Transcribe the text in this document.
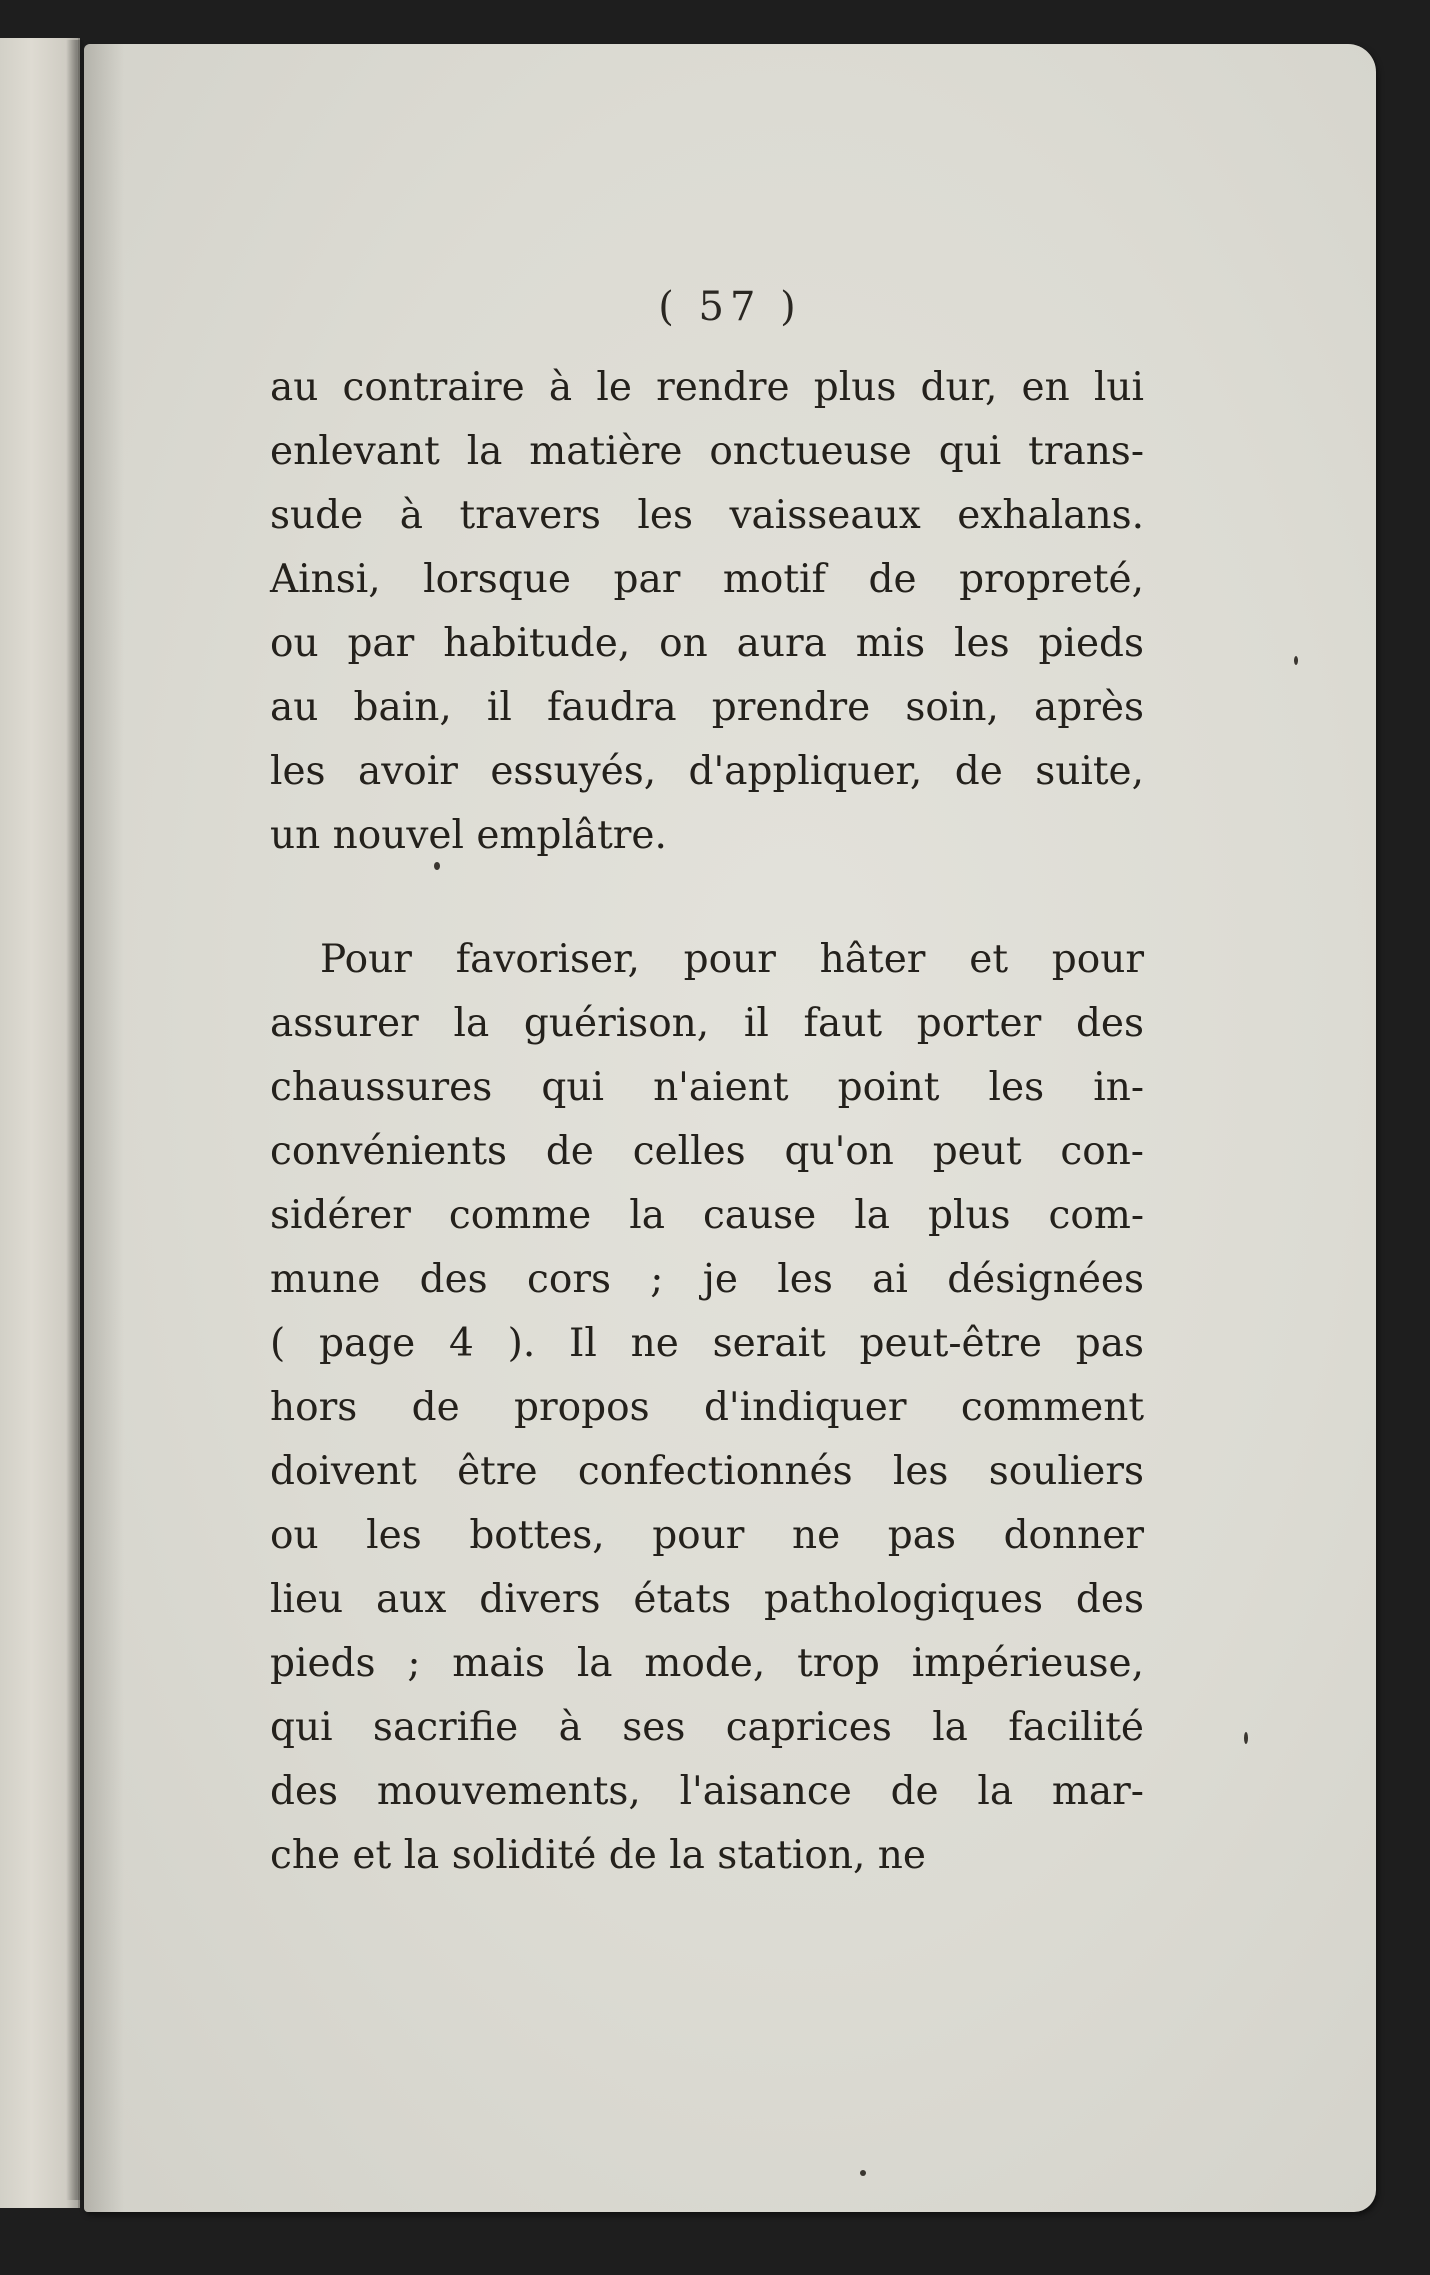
( 57 )
au contraire à le rendre plus dur, en lui
enlevant la matière onctueuse qui trans-
sude à travers les vaisseaux exhalans.
Ainsi, lorsque par motif de propreté,
ou par habitude, on aura mis les pieds
au bain, il faudra prendre soin, après
les avoir essuyés, d'appliquer, de suite,
un nouvel emplâtre.
Pour favoriser, pour hâter et pour
assurer la guérison, il faut porter des
chaussures qui n'aient point les in-
convénients de celles qu'on peut con-
sidérer comme la cause la plus com-
mune des cors ; je les ai désignées
( page 4 ). Il ne serait peut-être pas
hors de propos d'indiquer comment
doivent être confectionnés les souliers
ou les bottes, pour ne pas donner
lieu aux divers états pathologiques des
pieds ; mais la mode, trop impérieuse,
qui sacrifie à ses caprices la facilité
des mouvements, l'aisance de la mar-
che et la solidité de la station, ne
